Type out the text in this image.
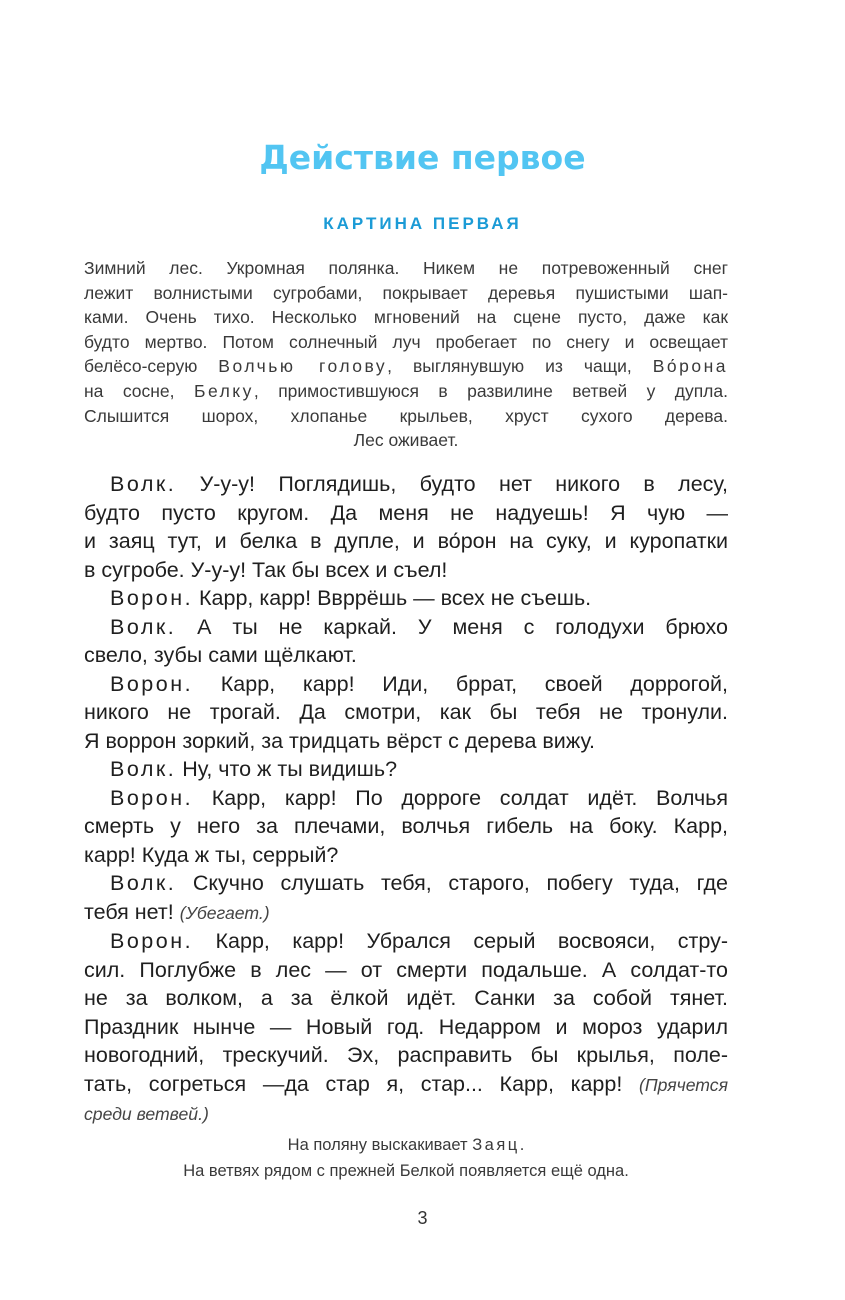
Действие первое
КАРТИНА ПЕРВАЯ
Зимний лес. Укромная полянка. Никем не потревоженный снег
лежит волнистыми сугробами, покрывает деревья пушистыми шап-
ками. Очень тихо. Несколько мгновений на сцене пусто, даже как
будто мертво. Потом солнечный луч пробегает по снегу и освещает
белёсо-серую Волчью голову, выглянувшую из чащи, Во́рона
на сосне, Белку, примостившуюся в развилине ветвей у дупла.
Слышится шорох, хлопанье крыльев, хруст сухого дерева.
Лес оживает.
Волк. У-у-у! Поглядишь, будто нет никого в лесу,
будто пусто кругом. Да меня не надуешь! Я чую —
и заяц тут, и белка в дупле, и во́рон на суку, и куропатки
в сугробе. У-у-у! Так бы всех и съел!
Ворон. Карр, карр! Ввррёшь — всех не съешь.
Волк. А ты не каркай. У меня с голодухи брюхо
свело, зубы сами щёлкают.
Ворон. Карр, карр! Иди, бррат, своей доррогой,
никого не трогай. Да смотри, как бы тебя не тронули.
Я воррон зоркий, за тридцать вёрст с дерева вижу.
Волк. Ну, что ж ты видишь?
Ворон. Карр, карр! По дорроге солдат идёт. Волчья
смерть у него за плечами, волчья гибель на боку. Карр,
карр! Куда ж ты, серрый?
Волк. Скучно слушать тебя, старого, побегу туда, где
тебя нет! (Убегает.)
Ворон. Карр, карр! Убрался серый восвояси, стру-
сил. Поглубже в лес — от смерти подальше. А солдат-то
не за волком, а за ёлкой идёт. Санки за собой тянет.
Праздник нынче — Новый год. Недарром и мороз ударил
новогодний, трескучий. Эх, расправить бы крылья, поле-
тать, согреться —да стар я, стар... Карр, карр! (Прячется
среди ветвей.)
На поляну выскакивает Заяц.
На ветвях рядом с прежней Белкой появляется ещё одна.
3
